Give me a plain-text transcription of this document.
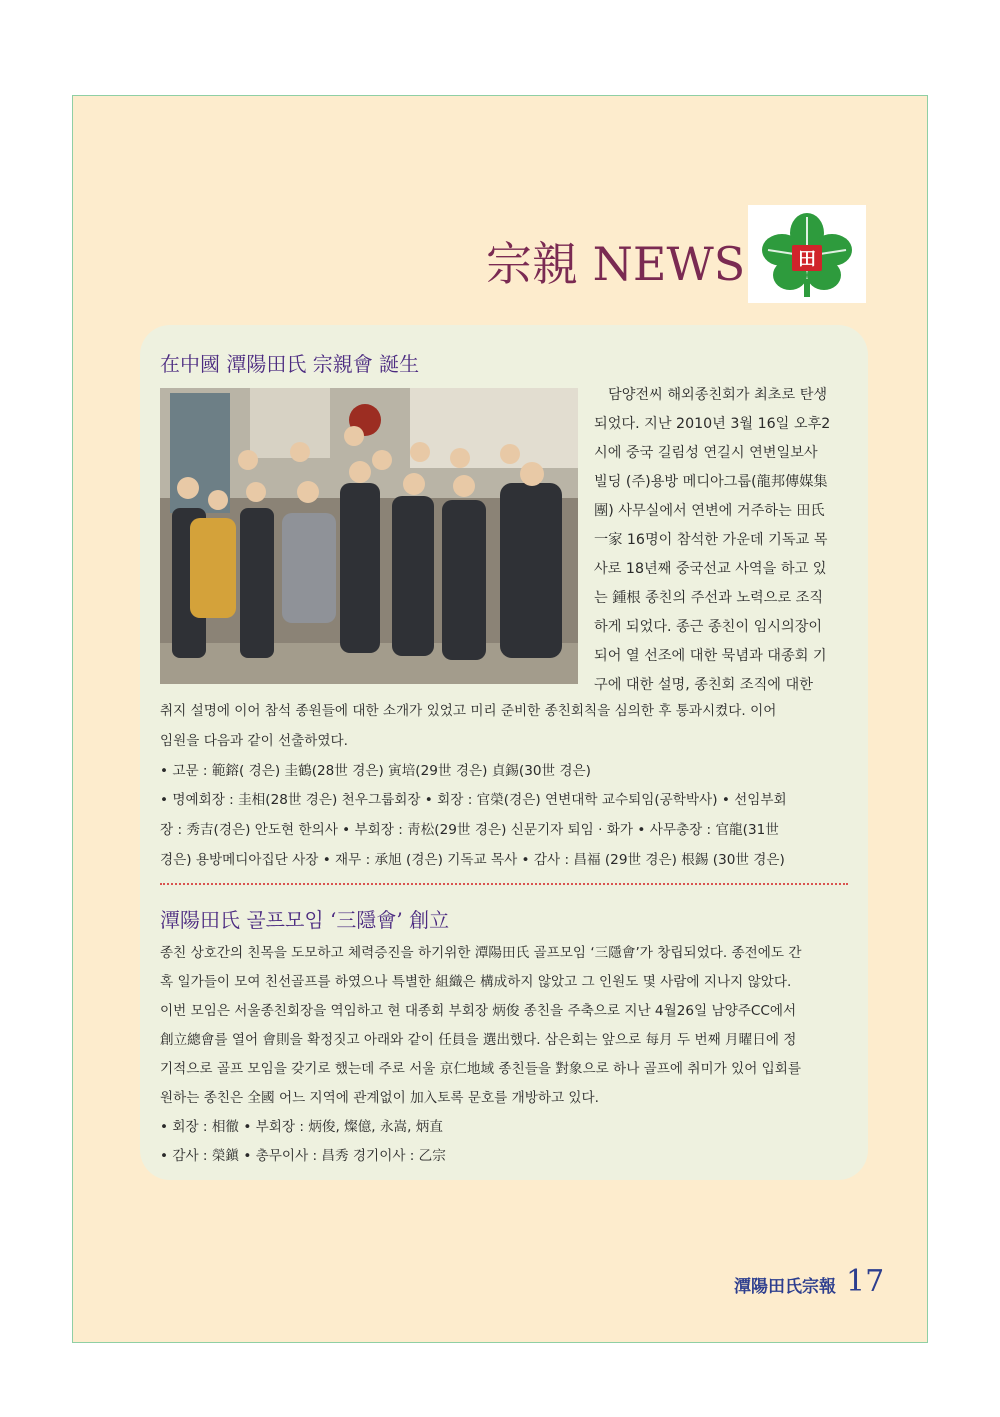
宗親 NEWS	田
在中國 潭陽田氏 宗親會 誕生
담양전씨 해외종친회가 최초로 탄생
되었다. 지난 2010년 3월 16일 오후2
시에 중국 길림성 연길시 연변일보사
빌딩 (주)용방 메디아그룹(龍邦傳媒集
團) 사무실에서 연변에 거주하는 田氏
一家 16명이 참석한 가운데 기독교 목
사로 18년째 중국선교 사역을 하고 있
는 鍾根 종친의 주선과 노력으로 조직
하게 되었다. 종근 종친이 임시의장이
되어 열 선조에 대한 묵념과 대종회 기
구에 대한 설명, 종친회 조직에 대한
취지 설명에 이어 참석 종원들에 대한 소개가 있었고 미리 준비한 종친회칙을 심의한 후 통과시켰다. 이어
임원을 다음과 같이 선출하였다.
• 고문 : 範鎔( 경은) 圭鶴(28世 경은) 寅培(29世 경은) 貞錫(30世 경은)
• 명예회장 : 圭相(28世 경은) 천우그룹회장 • 회장 : 官榮(경은) 연변대학 교수퇴임(공학박사) • 선임부회
장 : 秀吉(경은) 안도현 한의사 • 부회장 : 靑松(29世 경은) 신문기자 퇴임 · 화가 • 사무총장 : 官龍(31世
경은) 용방메디아집단 사장 • 재무 : 承旭 (경은) 기독교 목사 • 감사 : 昌福 (29世 경은) 根錫 (30世 경은)
潭陽田氏 골프모임 ‘三隱會’ 創立
종친 상호간의 친목을 도모하고 체력증진을 하기위한 潭陽田氏 골프모임 ‘三隱會’가 창립되었다. 종전에도 간
혹 일가들이 모여 친선골프를 하였으나 특별한 組織은 構成하지 않았고 그 인원도 몇 사람에 지나지 않았다.
이번 모임은 서울종친회장을 역임하고 현 대종회 부회장 炳俊 종친을 주축으로 지난 4월26일 남양주CC에서
創立總會를 열어 會則을 확정짓고 아래와 같이 任員을 選出했다. 삼은회는 앞으로 每月 두 번째 月曜日에 정
기적으로 골프 모임을 갖기로 했는데 주로 서울 京仁地域 종친들을 對象으로 하나 골프에 취미가 있어 입회를
원하는 종친은 全國 어느 지역에 관계없이 加入토록 문호를 개방하고 있다.
• 회장 : 相徹 • 부회장 : 炳俊, 燦億, 永嵩, 炳直
• 감사 : 榮鎭 • 총무이사 : 昌秀 경기이사 : 乙宗
潭陽田氏宗報 17
